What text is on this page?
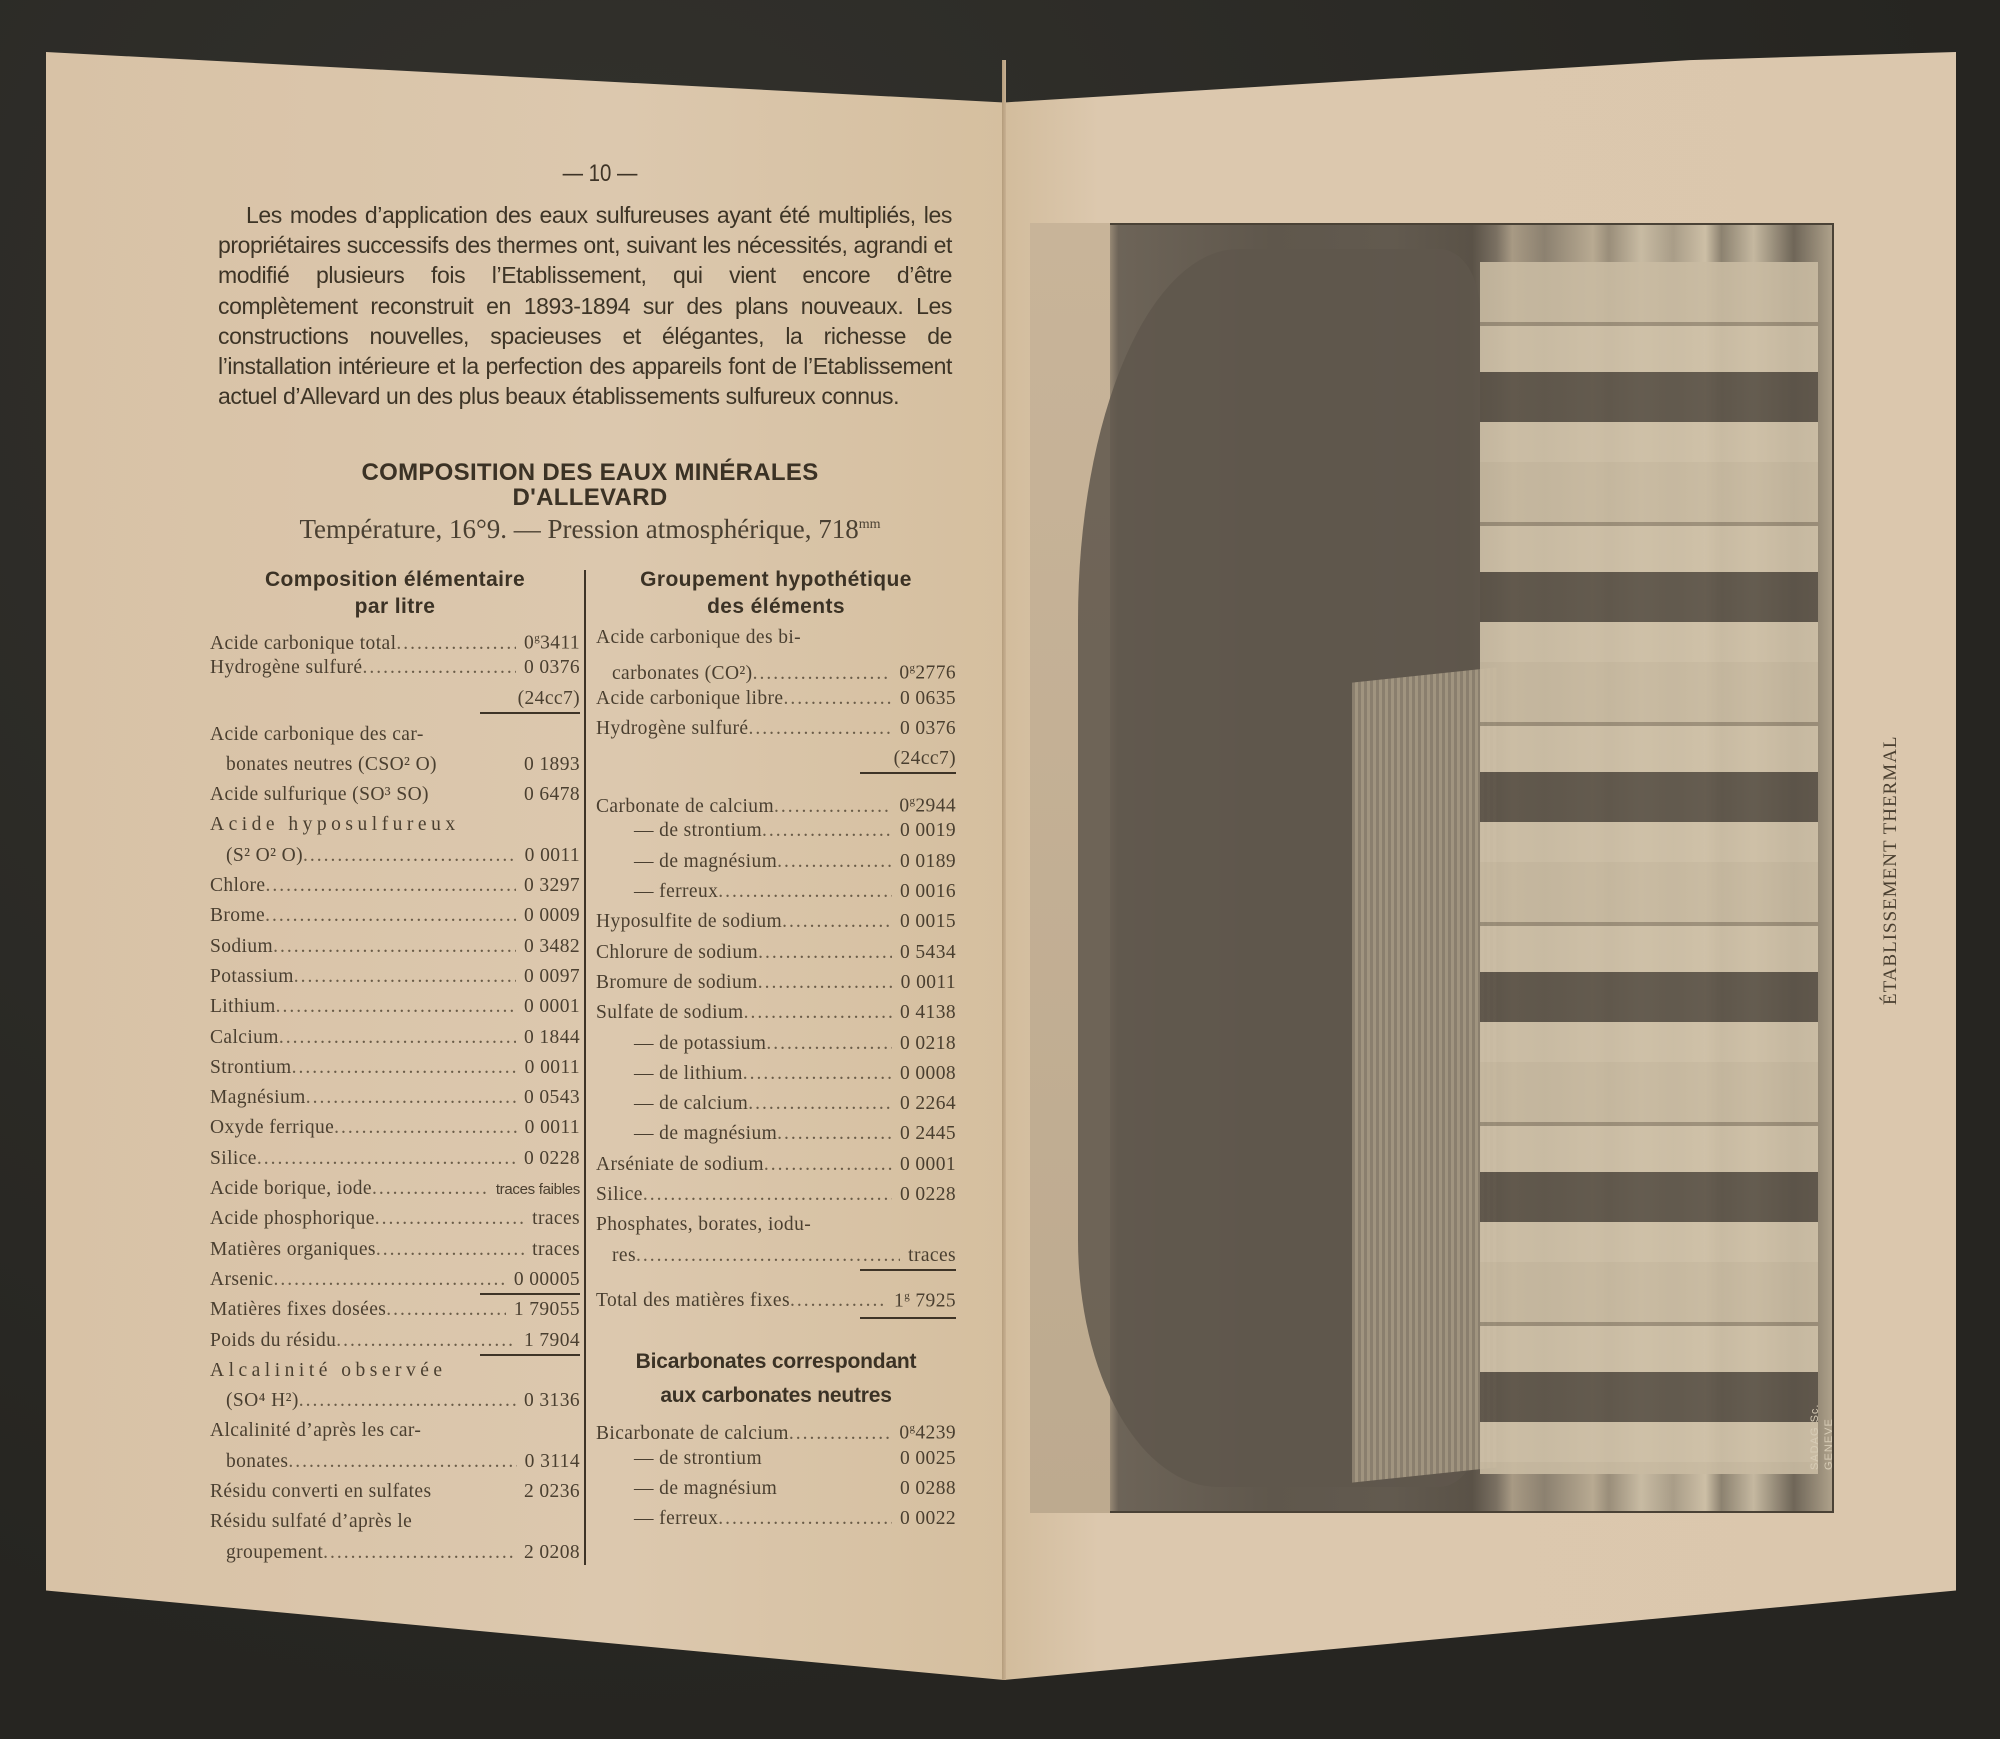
— 10 —

Les modes d’application des eaux sulfureuses ayant été multipliés, les propriétaires successifs des thermes ont, suivant les nécessités, agrandi et modifié plusieurs fois l’Etablissement, qui vient encore d’être complètement reconstruit en 1893-1894 sur des plans nouveaux. Les constructions nouvelles, spacieuses et élégantes, la richesse de l’installation intérieure et la perfection des appareils font de l’Etablissement actuel d’Allevard un des plus beaux établissements sulfureux connus.

COMPOSITION DES EAUX MINÉRALES
D'ALLEVARD
Température, 16°9. — Pression atmosphérique, $718^{mm}$
Composition élémentaire
par litre
Acide carbonique total .....	0$^g$3411
Hydrogène sulfuré .....	0 0376
(24cc7)
Acide carbonique des car-
bonates neutres (CSO² O)	0 1893
Acide sulfurique (SO³ SO)	0 6478
Acide hyposulfureux
(S² O² O) .....	0 0011
Chlore .....	0 3297
Brome .....	0 0009
Sodium .....	0 3482
Potassium .....	0 0097
Lithium .....	0 0001
Calcium .....	0 1844
Strontium .....	0 0011
Magnésium .....	0 0543
Oxyde ferrique .....	0 0011
Silice .....	0 0228
Acide borique, iode .....	traces faibles
Acide phosphorique .....	traces
Matières organiques .....	traces
Arsenic .....	0 00005
Matières fixes dosées .....	1 79055
Poids du résidu .....	1 7904
Alcalinité observée
(SO⁴ H²) .....	0 3136
Alcalinité d’après les car-
bonates .....	0 3114
Résidu converti en sulfates	2 0236
Résidu sulfaté d’après le
groupement .....	2 0208
Groupement hypothétique
des éléments
Acide carbonique des bi-
carbonates (CO²) .....	0$^g$2776
Acide carbonique libre .....	0 0635
Hydrogène sulfuré .....	0 0376
(24cc7)
Carbonate de calcium .....	0$^g$2944
— de strontium .....	0 0019
— de magnésium .....	0 0189
— ferreux .....	0 0016
Hyposulfite de sodium .....	0 0015
Chlorure de sodium .....	0 5434
Bromure de sodium .....	0 0011
Sulfate de sodium .....	0 4138
— de potassium .....	0 0218
— de lithium .....	0 0008
— de calcium .....	0 2264
— de magnésium .....	0 2445
Arséniate de sodium .....	0 0001
Silice .....	0 0228
Phosphates, borates, iodu-
res .....	traces
Total des matières fixes .....	1$^g$ 7925
Bicarbonates correspondant
aux carbonates neutres
Bicarbonate de calcium .....	0$^g$4239
— de strontium	0 0025
— de magnésium	0 0288
— ferreux .....	0 0022
SADAG Sc. GENEVE
ÉTABLISSEMENT THERMAL
